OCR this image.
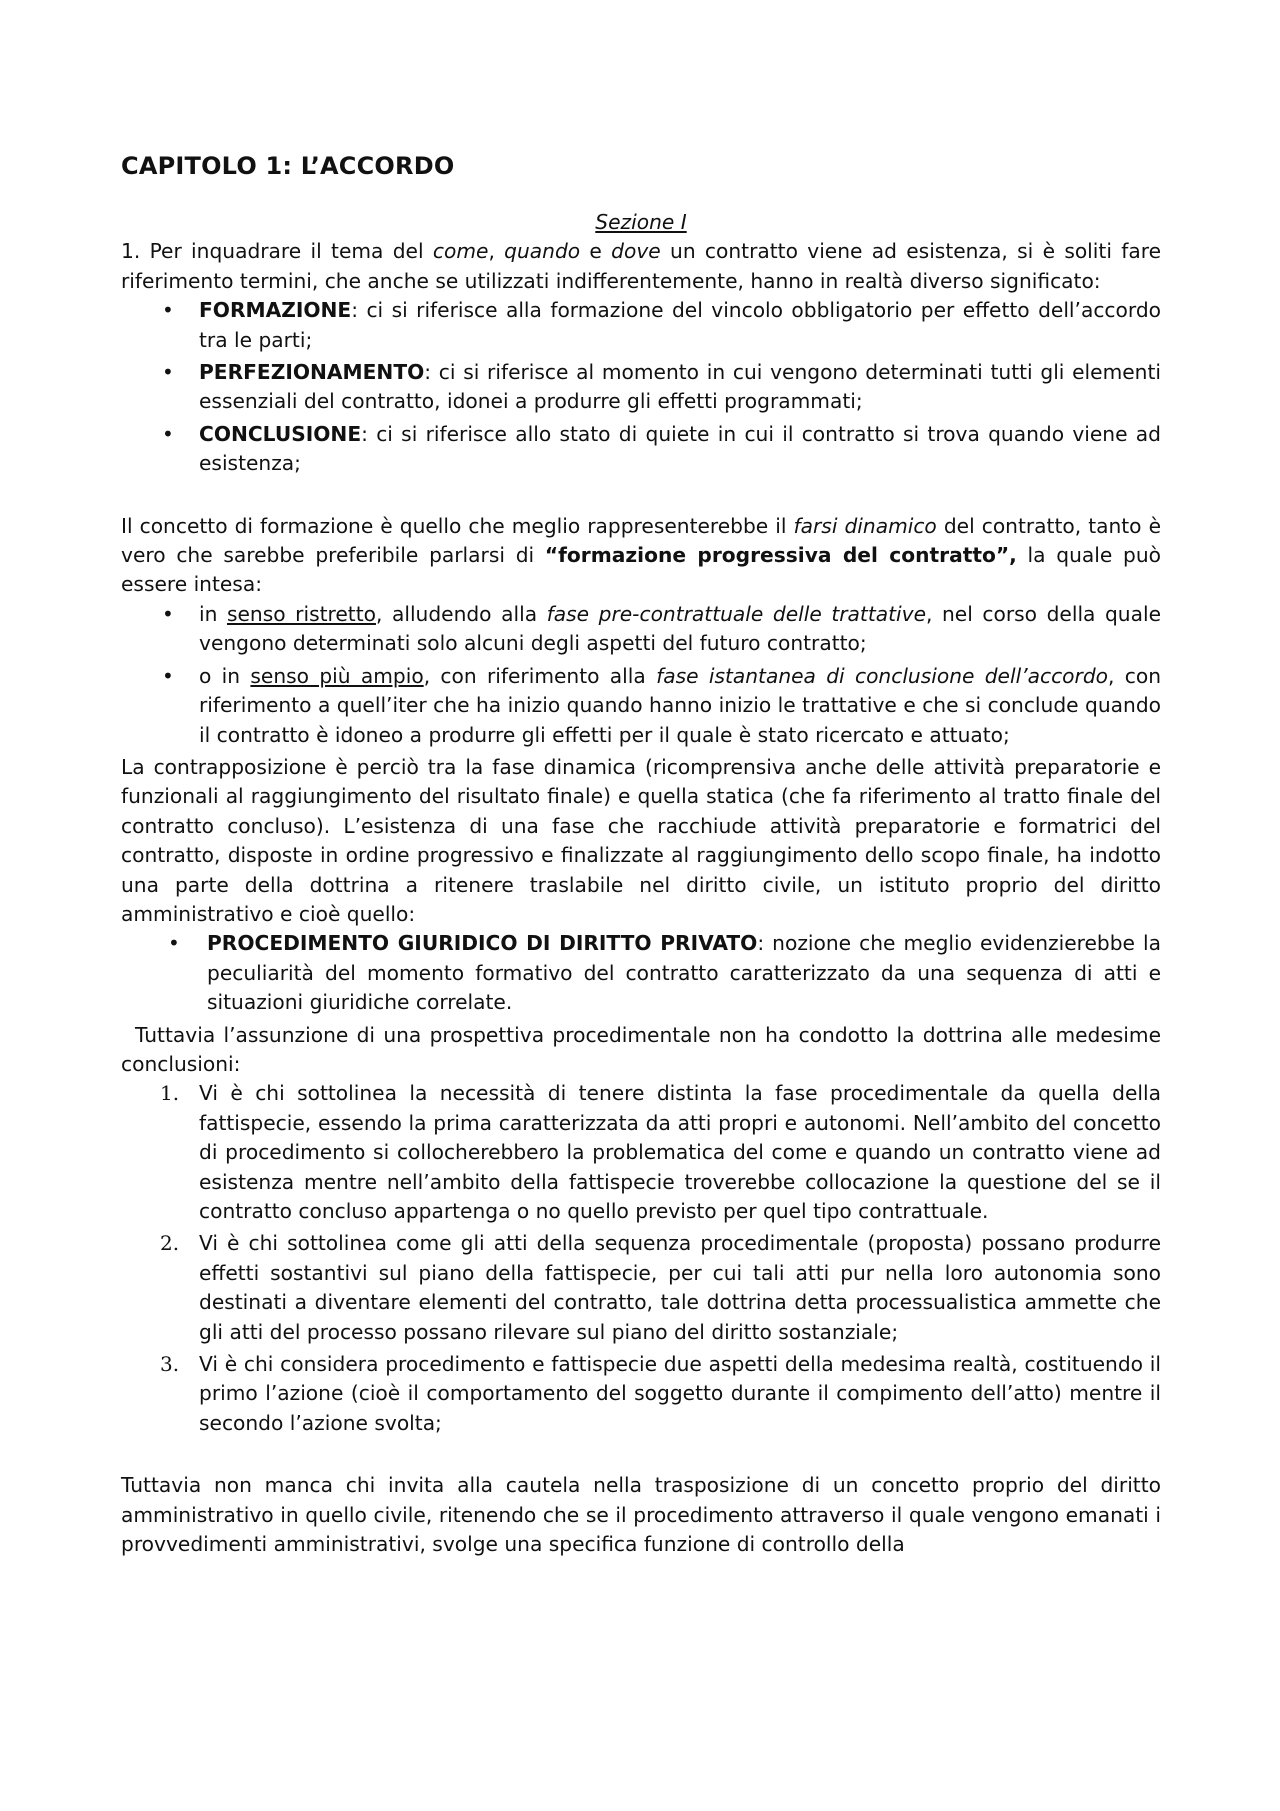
CAPITOLO 1: L’ACCORDO

Sezione I

1. Per inquadrare il tema del come, quando e dove un contratto viene ad esistenza, si è soliti fare riferimento termini, che anche se utilizzati indifferentemente, hanno in realtà diverso significato:

• FORMAZIONE: ci si riferisce alla formazione del vincolo obbligatorio per effetto dell’accordo tra le parti;
• PERFEZIONAMENTO: ci si riferisce al momento in cui vengono determinati tutti gli elementi essenziali del contratto, idonei a produrre gli effetti programmati;
• CONCLUSIONE: ci si riferisce allo stato di quiete in cui il contratto si trova quando viene ad esistenza;

Il concetto di formazione è quello che meglio rappresenterebbe il farsi dinamico del contratto, tanto è vero che sarebbe preferibile parlarsi di “formazione progressiva del contratto”, la quale può essere intesa:

• in senso ristretto, alludendo alla fase pre-contrattuale delle trattative, nel corso della quale vengono determinati solo alcuni degli aspetti del futuro contratto;
• o in senso più ampio, con riferimento alla fase istantanea di conclusione dell’accordo, con riferimento a quell’iter che ha inizio quando hanno inizio le trattative e che si conclude quando il contratto è idoneo a produrre gli effetti per il quale è stato ricercato e attuato;

La contrapposizione è perciò tra la fase dinamica (ricomprensiva anche delle attività preparatorie e funzionali al raggiungimento del risultato finale) e quella statica (che fa riferimento al tratto finale del contratto concluso). L’esistenza di una fase che racchiude attività preparatorie e formatrici del contratto, disposte in ordine progressivo e finalizzate al raggiungimento dello scopo finale, ha indotto una parte della dottrina a ritenere traslabile nel diritto civile, un istituto proprio del diritto amministrativo e cioè quello:

• PROCEDIMENTO GIURIDICO DI DIRITTO PRIVATO: nozione che meglio evidenzierebbe la peculiarità del momento formativo del contratto caratterizzato da una sequenza di atti e situazioni giuridiche correlate.

Tuttavia l’assunzione di una prospettiva procedimentale non ha condotto la dottrina alle medesime conclusioni:

1. Vi è chi sottolinea la necessità di tenere distinta la fase procedimentale da quella della fattispecie, essendo la prima caratterizzata da atti propri e autonomi. Nell’ambito del concetto di procedimento si collocherebbero la problematica del come e quando un contratto viene ad esistenza mentre nell’ambito della fattispecie troverebbe collocazione la questione del se il contratto concluso appartenga o no quello previsto per quel tipo contrattuale.
2. Vi è chi sottolinea come gli atti della sequenza procedimentale (proposta) possano produrre effetti sostantivi sul piano della fattispecie, per cui tali atti pur nella loro autonomia sono destinati a diventare elementi del contratto, tale dottrina detta processualistica ammette che gli atti del processo possano rilevare sul piano del diritto sostanziale;
3. Vi è chi considera procedimento e fattispecie due aspetti della medesima realtà, costituendo il primo l’azione (cioè il comportamento del soggetto durante il compimento dell’atto) mentre il secondo l’azione svolta;

Tuttavia non manca chi invita alla cautela nella trasposizione di un concetto proprio del diritto amministrativo in quello civile, ritenendo che se il procedimento attraverso il quale vengono emanati i provvedimenti amministrativi, svolge una specifica funzione di controllo della
